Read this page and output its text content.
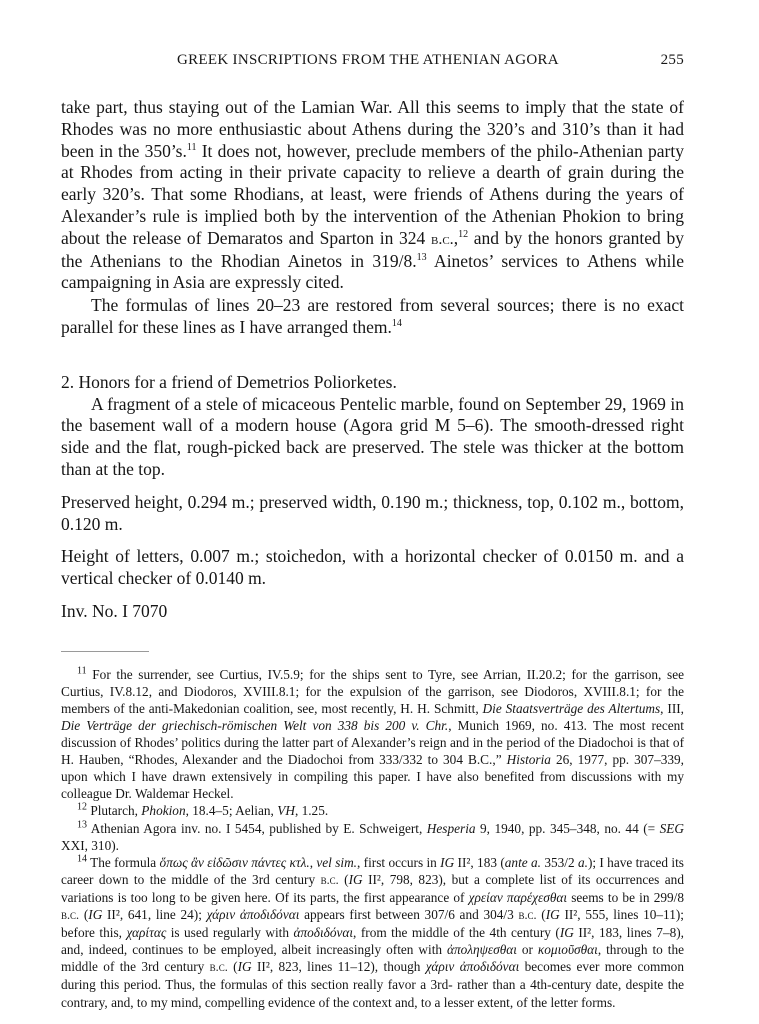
GREEK INSCRIPTIONS FROM THE ATHENIAN AGORA	255

take part, thus staying out of the Lamian War. All this seems to imply that the state of Rhodes was no more enthusiastic about Athens during the 320’s and 310’s than it had been in the 350’s.$^{11}$ It does not, however, preclude members of the philo-Athenian party at Rhodes from acting in their private capacity to relieve a dearth of grain during the early 320’s. That some Rhodians, at least, were friends of Athens during the years of Alexander’s rule is implied both by the intervention of the Athenian Phokion to bring about the release of Demaratos and Sparton in 324 b.c.,$^{12}$ and by the honors granted by the Athenians to the Rhodian Ainetos in 319/8.13 Ainetos’ services to Athens while campaigning in Asia are expressly cited.

The formulas of lines 20–23 are restored from several sources; there is no exact parallel for these lines as I have arranged them.$^{14}$

2. Honors for a friend of Demetrios Poliorketes.

A fragment of a stele of micaceous Pentelic marble, found on September 29, 1969 in the basement wall of a modern house (Agora grid M 5–6). The smooth-dressed right side and the flat, rough-picked back are preserved. The stele was thicker at the bottom than at the top.

Preserved height, 0.294 m.; preserved width, 0.190 m.; thickness, top, 0.102 m., bottom, 0.120 m.

Height of letters, 0.007 m.; stoichedon, with a horizontal checker of 0.0150 m. and a vertical checker of 0.0140 m.

Inv. No. I 7070

$^{11}$ For the surrender, see Curtius, IV.5.9; for the ships sent to Tyre, see Arrian, II.20.2; for the garrison, see Curtius, IV.8.12, and Diodoros, XVIII.8.1; for the expulsion of the garrison, see Diodoros, XVIII.8.1; for the members of the anti-Makedonian coalition, see, most recently, H. H. Schmitt, Die Staatsverträge des Altertums, III, Die Verträge der griechisch-römischen Welt von 338 bis 200 v. Chr., Munich 1969, no. 413. The most recent discussion of Rhodes’ politics during the latter part of Alexander’s reign and in the period of the Diadochoi is that of H. Hauben, “Rhodes, Alexander and the Diadochoi from 333/332 to 304 B.C.,” Historia 26, 1977, pp. 307–339, upon which I have drawn extensively in compiling this paper. I have also benefited from discussions with my colleague Dr. Waldemar Heckel.

$^{12}$ Plutarch, Phokion, 18.4–5; Aelian, VH, 1.25.

$^{13}$ Athenian Agora inv. no. I 5454, published by E. Schweigert, Hesperia 9, 1940, pp. 345–348, no. 44 (= SEG XXI, 310).

$^{14}$ The formula ὅπως ἂν εἰδῶσιν πάντες κτλ., vel sim., first occurs in IG II², 183 (ante a. 353/2 a.); I have traced its career down to the middle of the 3rd century b.c. (IG II², 798, 823), but a complete list of its occurrences and variations is too long to be given here. Of its parts, the first appearance of χρείαν παρέχεσθαι seems to be in 299/8 b.c. (IG II², 641, line 24); χάριν ἀποδιδόναι appears first between 307/6 and 304/3 b.c. (IG II², 555, lines 10–11); before this, χαρίτας is used regularly with ἀποδιδόναι, from the middle of the 4th century (IG II², 183, lines 7–8), and, indeed, continues to be employed, albeit increasingly often with ἀποληψεσθαι or κομιοῦσθαι, through to the middle of the 3rd century b.c. (IG II², 823, lines 11–12), though χάριν ἀποδιδόναι becomes ever more common during this period. Thus, the formulas of this section really favor a 3rd- rather than a 4th-century date, despite the contrary, and, to my mind, compelling evidence of the context and, to a lesser extent, of the letter forms.
